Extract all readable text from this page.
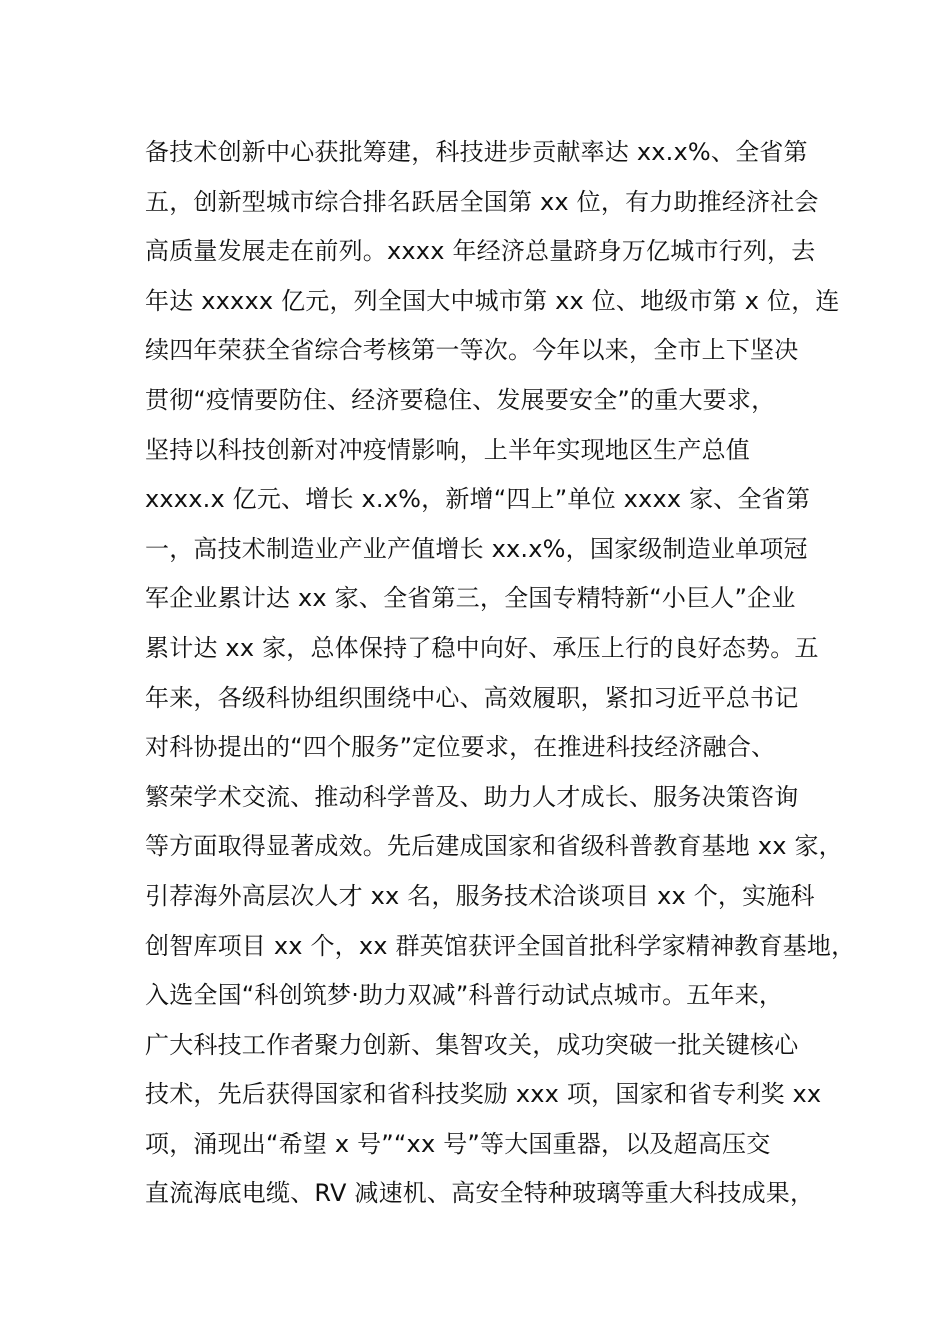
备技术创新中心获批筹建，科技进步贡献率达 xx.x%、全省第
五，创新型城市综合排名跃居全国第 xx 位，有力助推经济社会
高质量发展走在前列。xxxx 年经济总量跻身万亿城市行列，去
年达 xxxxx 亿元，列全国大中城市第 xx 位、地级市第 x 位，连
续四年荣获全省综合考核第一等次。今年以来，全市上下坚决
贯彻“疫情要防住、经济要稳住、发展要安全”的重大要求，
坚持以科技创新对冲疫情影响，上半年实现地区生产总值
xxxx.x 亿元、增长 x.x%，新增“四上”单位 xxxx 家、全省第
一，高技术制造业产业产值增长 xx.x%，国家级制造业单项冠
军企业累计达 xx 家、全省第三，全国专精特新“小巨人”企业
累计达 xx 家，总体保持了稳中向好、承压上行的良好态势。五
年来，各级科协组织围绕中心、高效履职，紧扣习近平总书记
对科协提出的“四个服务”定位要求，在推进科技经济融合、
繁荣学术交流、推动科学普及、助力人才成长、服务决策咨询
等方面取得显著成效。先后建成国家和省级科普教育基地 xx 家，
引荐海外高层次人才 xx 名，服务技术洽谈项目 xx 个，实施科
创智库项目 xx 个，xx 群英馆获评全国首批科学家精神教育基地，
入选全国“科创筑梦·助力双减”科普行动试点城市。五年来，
广大科技工作者聚力创新、集智攻关，成功突破一批关键核心
技术，先后获得国家和省科技奖励 xxx 项，国家和省专利奖 xx
项，涌现出“希望 x 号”“xx 号”等大国重器，以及超高压交
直流海底电缆、RV 减速机、高安全特种玻璃等重大科技成果，
